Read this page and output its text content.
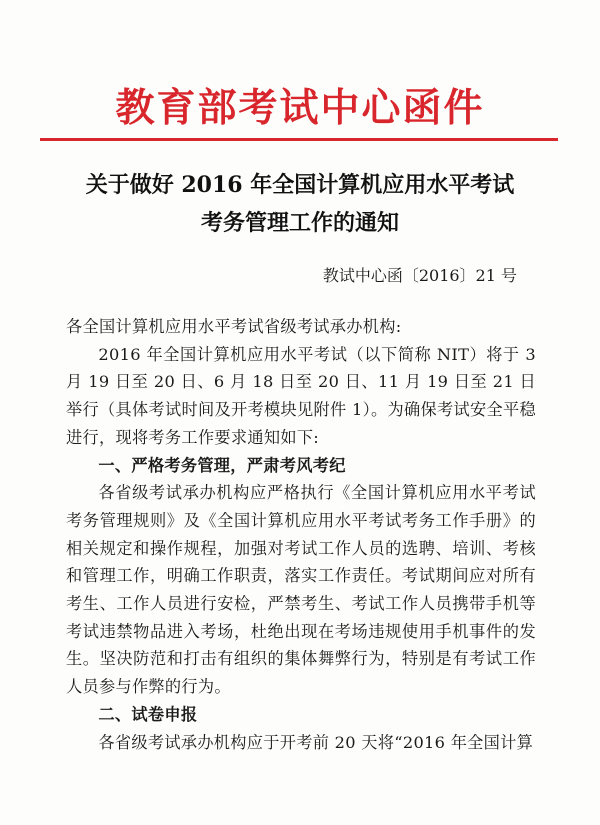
教育部考试中心函件
关于做好 2016 年全国计算机应用水平考试
考务管理工作的通知
教试中心函〔2016〕21 号

各全国计算机应用水平考试省级考试承办机构:

2016 年全国计算机应用水平考试（以下简称 NIT）将于 3 月 19 日至 20 日、6 月 18 日至 20 日、11 月 19 日至 21 日举行（具体考试时间及开考模块见附件 1）。为确保考试安全平稳进行，现将考务工作要求通知如下:

一、严格考务管理，严肃考风考纪

各省级考试承办机构应严格执行《全国计算机应用水平考试考务管理规则》及《全国计算机应用水平考试考务工作手册》的相关规定和操作规程，加强对考试工作人员的选聘、培训、考核和管理工作，明确工作职责，落实工作责任。考试期间应对所有考生、工作人员进行安检，严禁考生、考试工作人员携带手机等考试违禁物品进入考场，杜绝出现在考场违规使用手机事件的发生。坚决防范和打击有组织的集体舞弊行为，特别是有考试工作人员参与作弊的行为。

二、试卷申报

各省级考试承办机构应于开考前 20 天将“2016 年全国计算
